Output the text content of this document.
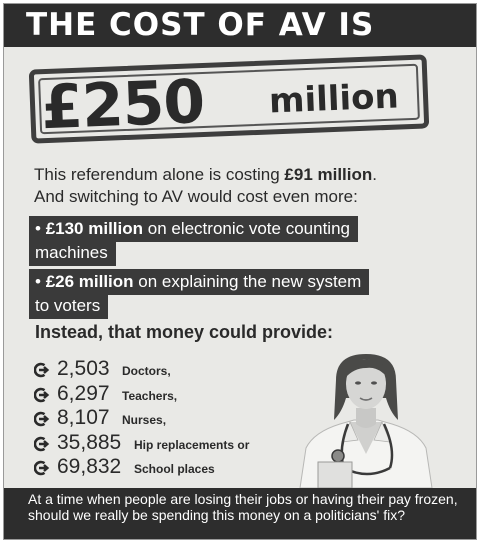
THE COST OF AV IS
£250 million

This referendum alone is costing £91 million.

And switching to AV would cost even more:

• £130 million on electronic vote counting
machines
• £26 million on explaining the new system
to voters
Instead, that money could provide:
2,503 Doctors,
6,297 Teachers,
8,107 Nurses,
35,885 Hip replacements or
69,832 School places

At a time when people are losing their jobs or having their pay frozen, should we really be spending this money on a politicians' fix?
